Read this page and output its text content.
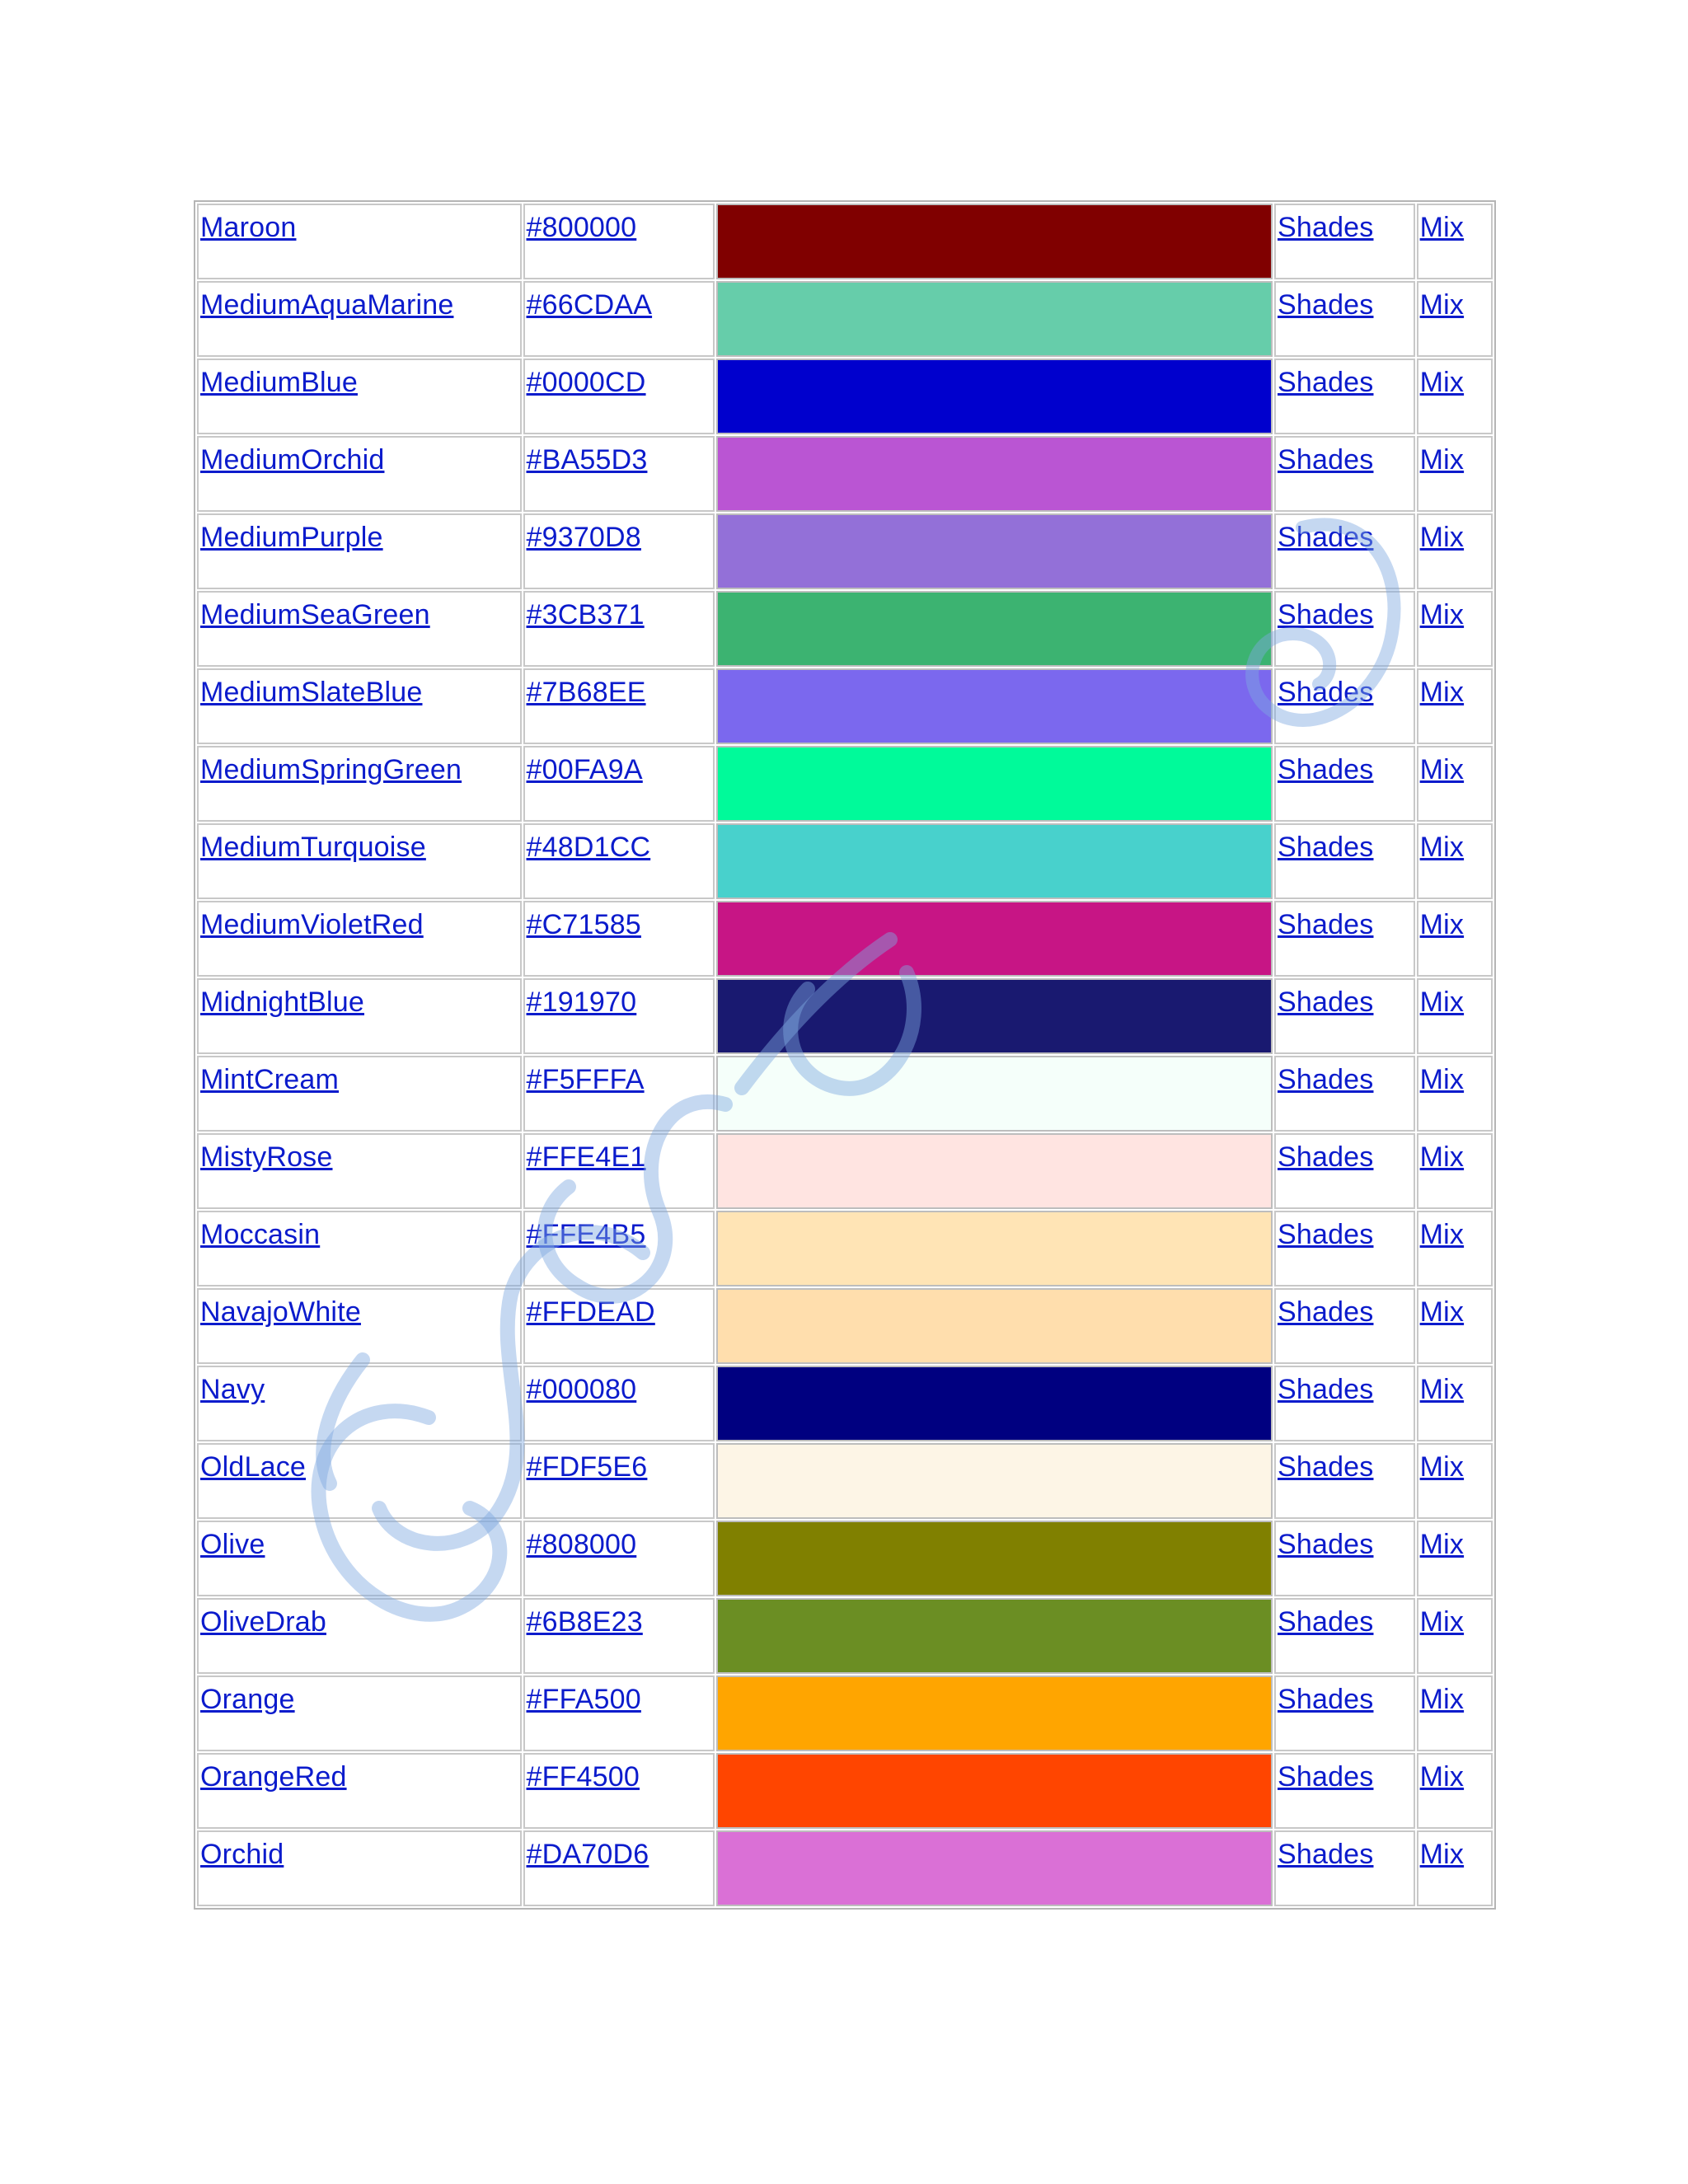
Maroon	#800000		Shades	Mix
MediumAquaMarine	#66CDAA		Shades	Mix
MediumBlue	#0000CD		Shades	Mix
MediumOrchid	#BA55D3		Shades	Mix
MediumPurple	#9370D8		Shades	Mix
MediumSeaGreen	#3CB371		Shades	Mix
MediumSlateBlue	#7B68EE		Shades	Mix
MediumSpringGreen	#00FA9A		Shades	Mix
MediumTurquoise	#48D1CC		Shades	Mix
MediumVioletRed	#C71585		Shades	Mix
MidnightBlue	#191970		Shades	Mix
MintCream	#F5FFFA		Shades	Mix
MistyRose	#FFE4E1		Shades	Mix
Moccasin	#FFE4B5		Shades	Mix
NavajoWhite	#FFDEAD		Shades	Mix
Navy	#000080		Shades	Mix
OldLace	#FDF5E6		Shades	Mix
Olive	#808000		Shades	Mix
OliveDrab	#6B8E23		Shades	Mix
Orange	#FFA500		Shades	Mix
OrangeRed	#FF4500		Shades	Mix
Orchid	#DA70D6		Shades	Mix
